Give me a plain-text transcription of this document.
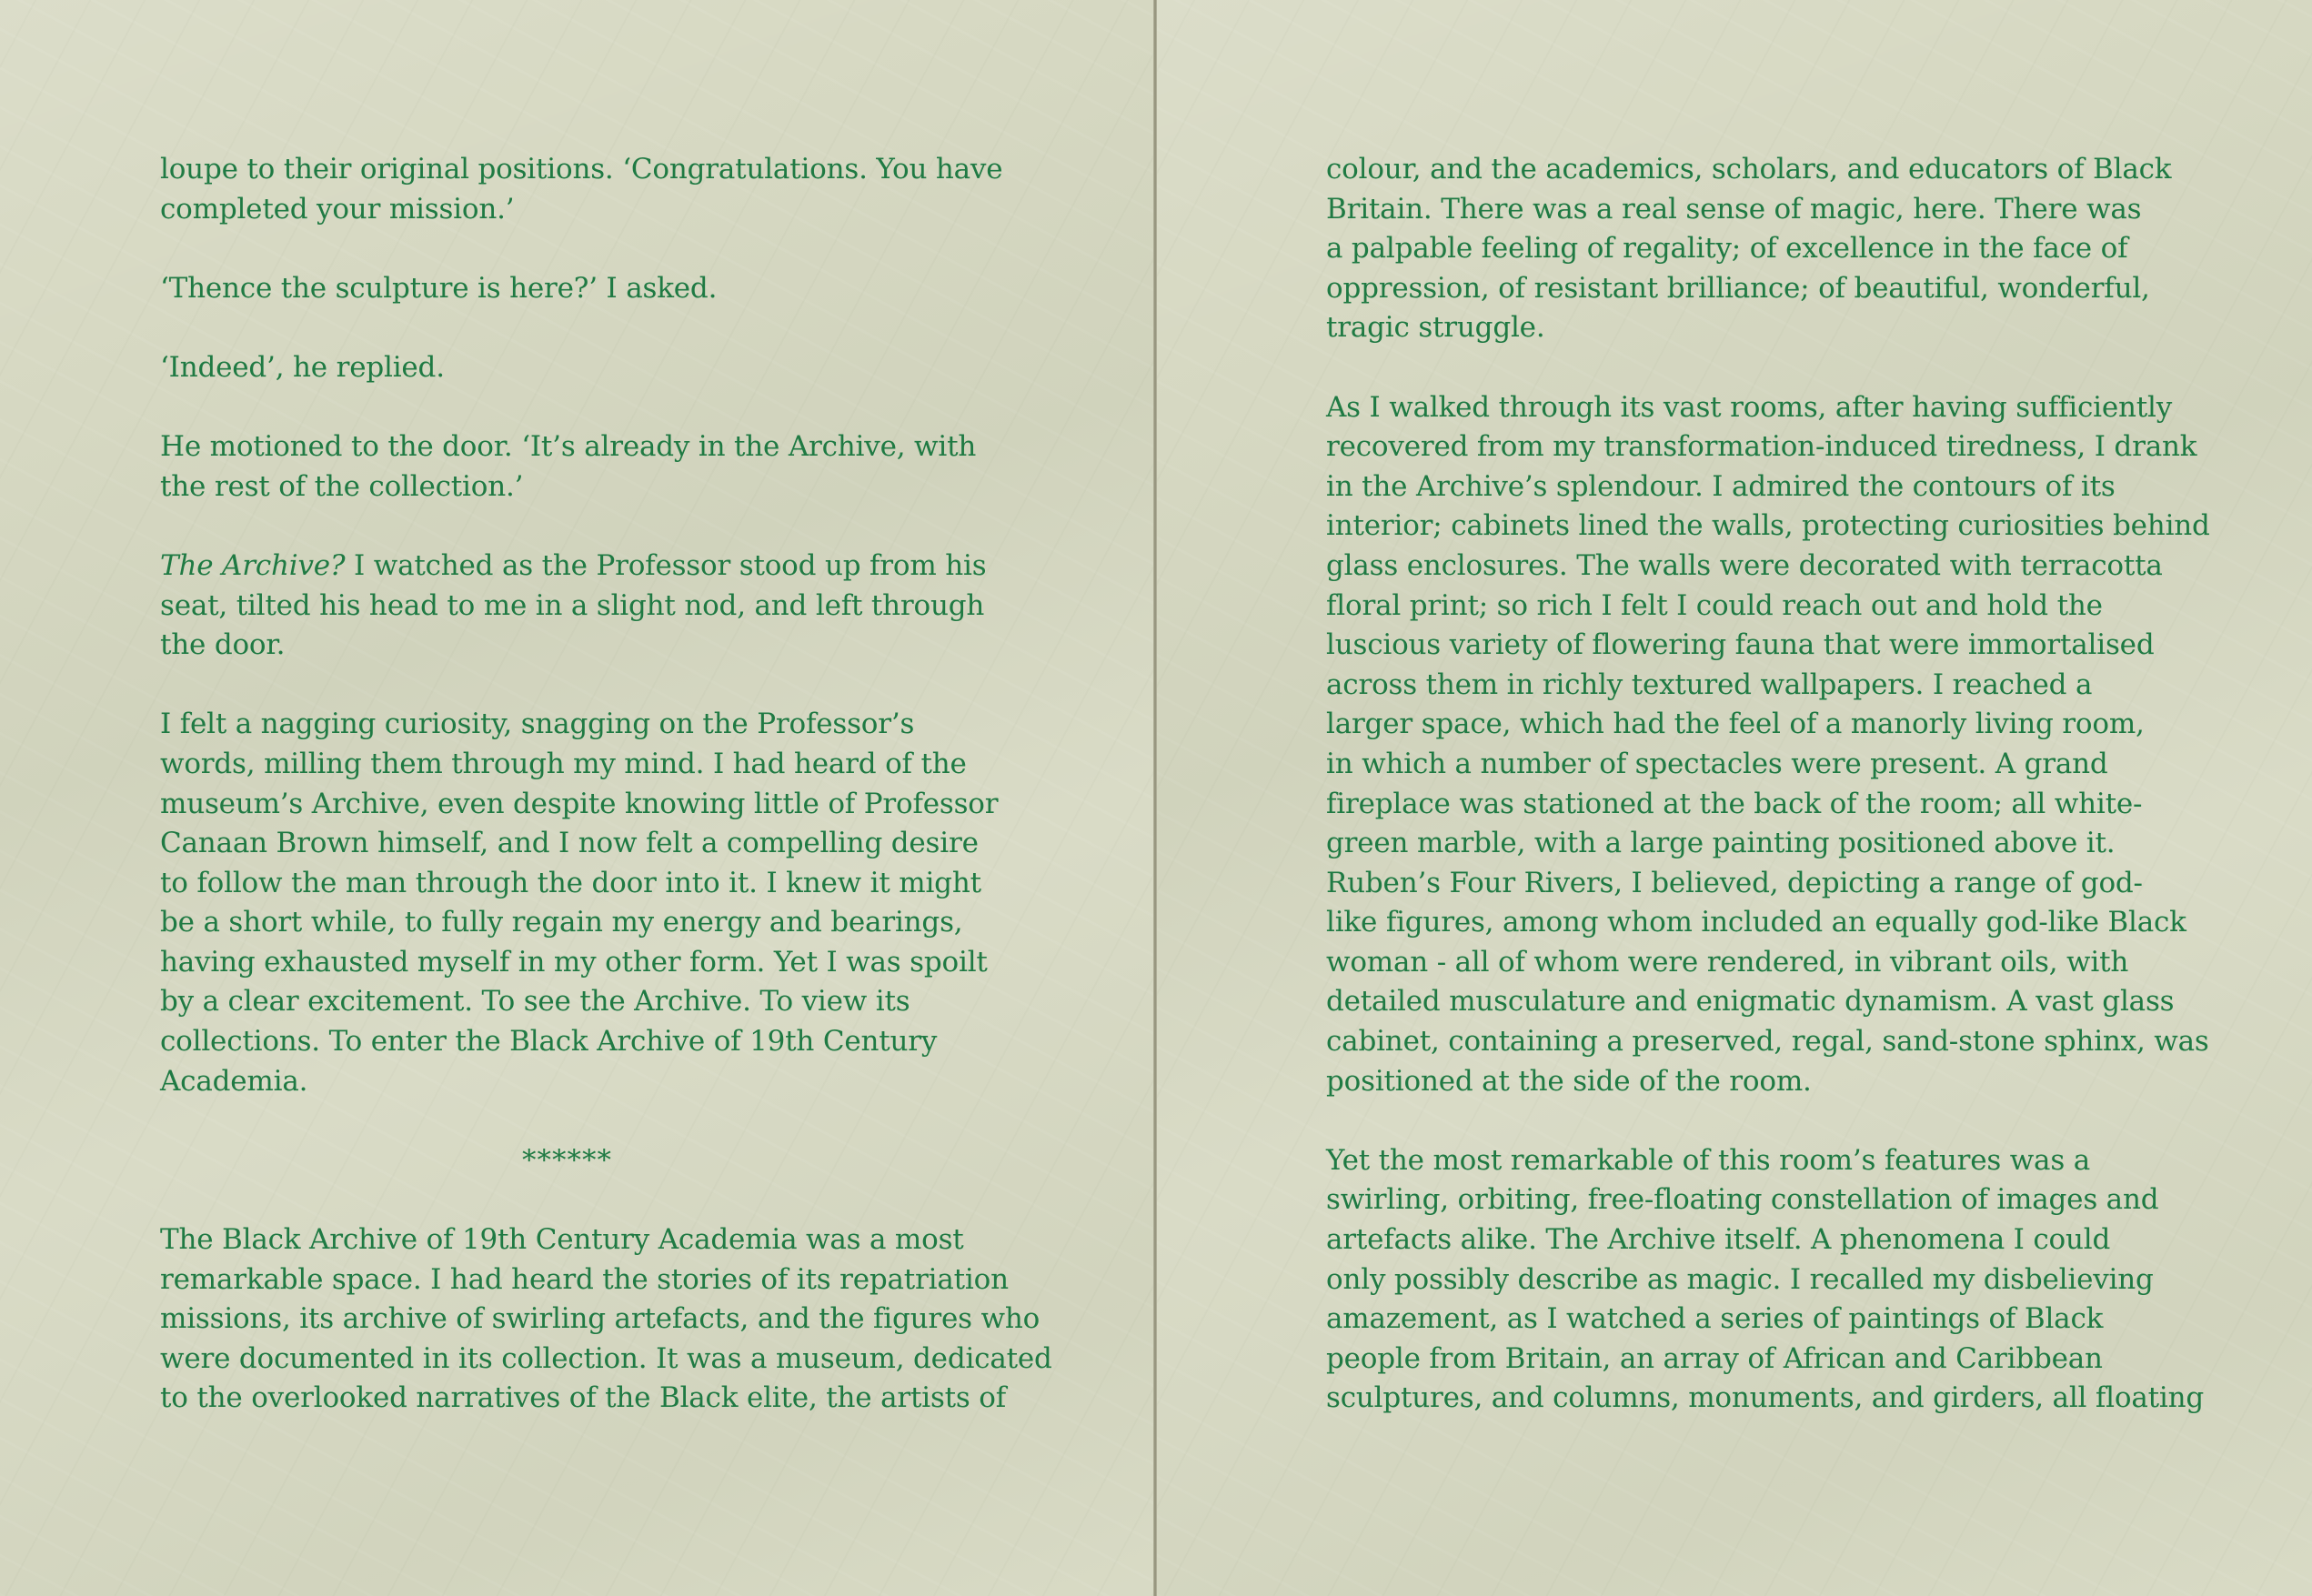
loupe to their original positions. ‘Congratulations. You have
completed your mission.’

‘Thence the sculpture is here?’ I asked.

‘Indeed’, he replied.

He motioned to the door. ‘It’s already in the Archive, with
the rest of the collection.’

The Archive? I watched as the Professor stood up from his
seat, tilted his head to me in a slight nod, and left through
the door.

I felt a nagging curiosity, snagging on the Professor’s
words, milling them through my mind. I had heard of the
museum’s Archive, even despite knowing little of Professor
Canaan Brown himself, and I now felt a compelling desire
to follow the man through the door into it. I knew it might
be a short while, to fully regain my energy and bearings,
having exhausted myself in my other form. Yet I was spoilt
by a clear excitement. To see the Archive. To view its
collections. To enter the Black Archive of 19th Century
Academia.

******

The Black Archive of 19th Century Academia was a most
remarkable space. I had heard the stories of its repatriation
missions, its archive of swirling artefacts, and the figures who
were documented in its collection. It was a museum, dedicated
to the overlooked narratives of the Black elite, the artists of

colour, and the academics, scholars, and educators of Black
Britain. There was a real sense of magic, here. There was
a palpable feeling of regality; of excellence in the face of
oppression, of resistant brilliance; of beautiful, wonderful,
tragic struggle.

As I walked through its vast rooms, after having sufficiently
recovered from my transformation-induced tiredness, I drank
in the Archive’s splendour. I admired the contours of its
interior; cabinets lined the walls, protecting curiosities behind
glass enclosures. The walls were decorated with terracotta
floral print; so rich I felt I could reach out and hold the
luscious variety of flowering fauna that were immortalised
across them in richly textured wallpapers. I reached a
larger space, which had the feel of a manorly living room,
in which a number of spectacles were present. A grand
fireplace was stationed at the back of the room; all white-
green marble, with a large painting positioned above it.
Ruben’s Four Rivers, I believed, depicting a range of god-
like figures, among whom included an equally god-like Black
woman - all of whom were rendered, in vibrant oils, with
detailed musculature and enigmatic dynamism. A vast glass
cabinet, containing a preserved, regal, sand-stone sphinx, was
positioned at the side of the room.

Yet the most remarkable of this room’s features was a
swirling, orbiting, free-floating constellation of images and
artefacts alike. The Archive itself. A phenomena I could
only possibly describe as magic. I recalled my disbelieving
amazement, as I watched a series of paintings of Black
people from Britain, an array of African and Caribbean
sculptures, and columns, monuments, and girders, all floating
